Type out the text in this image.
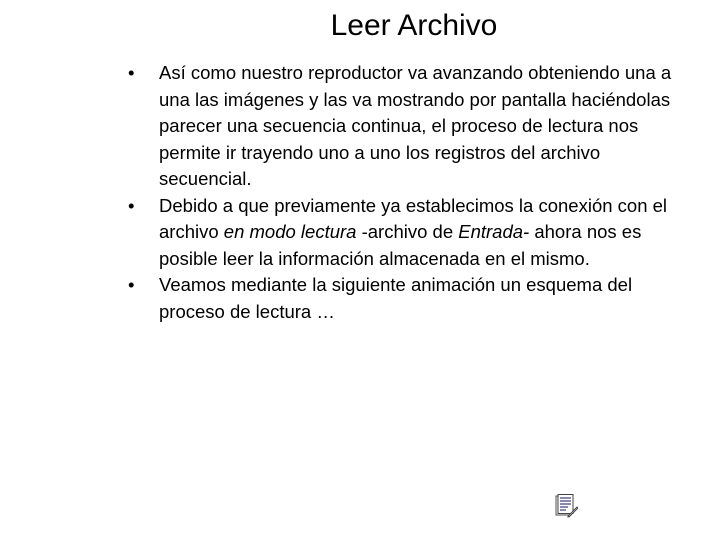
Leer Archivo
• Así como nuestro reproductor va avanzando obteniendo una a una las imágenes y las va mostrando por pantalla haciéndolas parecer una secuencia continua, el proceso de lectura nos permite ir trayendo uno a uno los registros del archivo secuencial.
• Debido a que previamente ya establecimos la conexión con el archivo en modo lectura -archivo de Entrada- ahora nos es posible leer la información almacenada en el mismo.
• Veamos mediante la siguiente animación un esquema del proceso de lectura …
